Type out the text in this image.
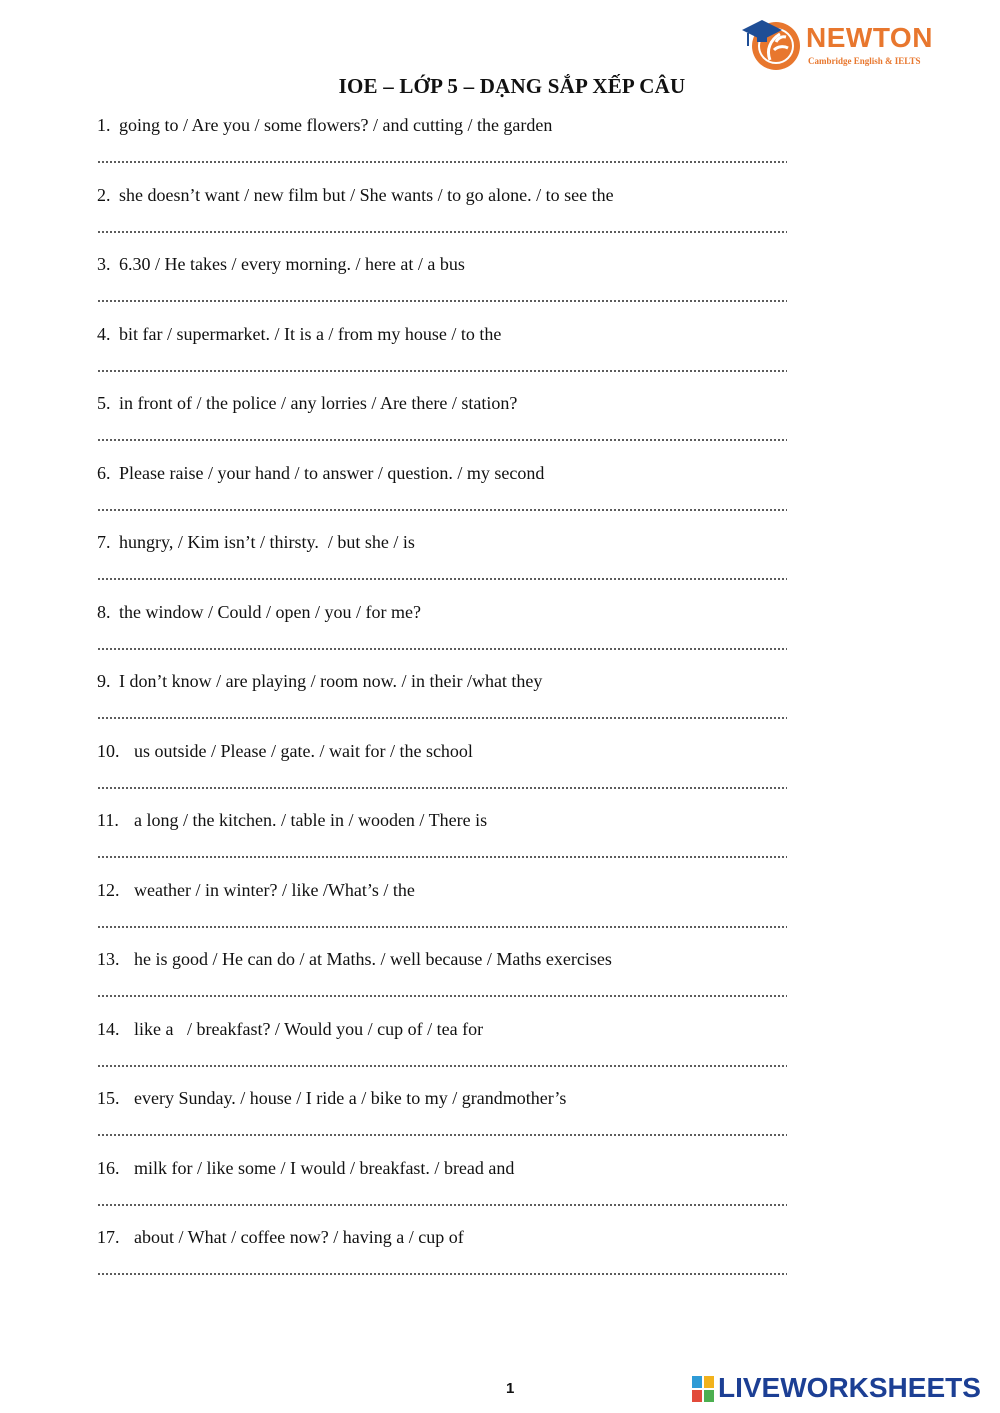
NEWTON
Cambridge English & IELTS
IOE – LỚP 5 – DẠNG SẮP XẾP CÂU
1. going to / Are you / some flowers? / and cutting / the garden
2. she doesn’t want / new film but / She wants / to go alone. / to see the
3. 6.30 / He takes / every morning. / here at / a bus
4. bit far / supermarket. / It is a / from my house / to the
5. in front of / the police / any lorries / Are there / station?
6. Please raise / your hand / to answer / question. / my second
7. hungry, / Kim isn’t / thirsty.  / but she / is
8. the window / Could / open / you / for me?
9. I don’t know / are playing / room now. / in their /what they
10. us outside / Please / gate. / wait for / the school
11. a long / the kitchen. / table in / wooden / There is
12. weather / in winter? / like /What’s / the
13. he is good / He can do / at Maths. / well because / Maths exercises
14. like a   / breakfast? / Would you / cup of / tea for
15. every Sunday. / house / I ride a / bike to my / grandmother’s
16. milk for / like some / I would / breakfast. / bread and
17. about / What / coffee now? / having a / cup of
1	LIVEWORKSHEETS
